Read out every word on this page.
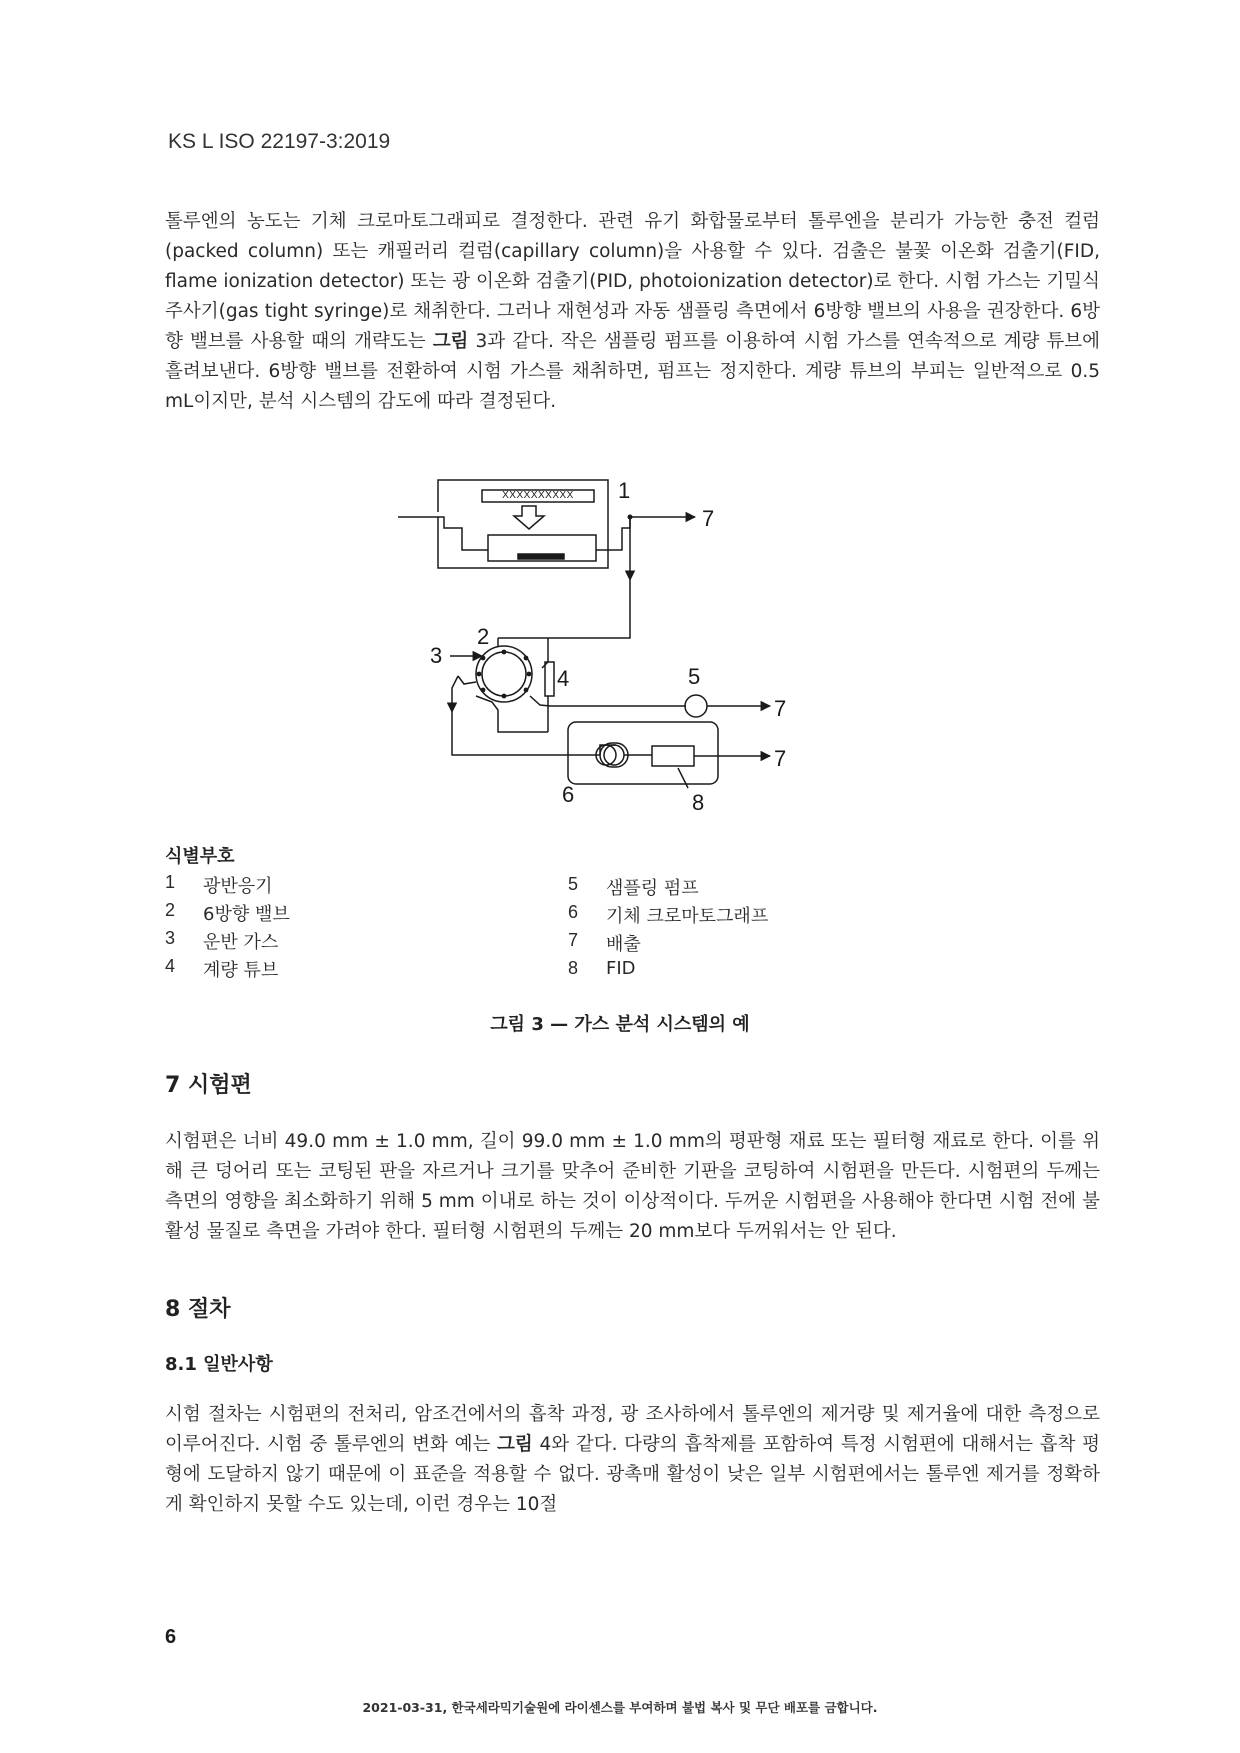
KS L ISO 22197-3:2019

톨루엔의 농도는 기체 크로마토그래피로 결정한다. 관련 유기 화합물로부터 톨루엔을 분리가 가능한 충전 컬럼(packed column) 또는 캐필러리 컬럼(capillary column)을 사용할 수 있다. 검출은 불꽃 이온화 검출기(FID, flame ionization detector) 또는 광 이온화 검출기(PID, photoionization detector)로 한다. 시험 가스는 기밀식 주사기(gas tight syringe)로 채취한다. 그러나 재현성과 자동 샘플링 측면에서 6방향 밸브의 사용을 권장한다. 6방향 밸브를 사용할 때의 개략도는 그림 3과 같다. 작은 샘플링 펌프를 이용하여 시험 가스를 연속적으로 계량 튜브에 흘려보낸다. 6방향 밸브를 전환하여 시험 가스를 채취하면, 펌프는 정지한다. 계량 튜브의 부피는 일반적으로 0.5 mL이지만, 분석 시스템의 감도에 따라 결정된다.

XXXXXXXXXX 1
7
2
3
4	5
7
7
6	8
식별부호
1	광반응기
2	6방향 밸브
3	운반 가스
4	계량 튜브
5	샘플링 펌프
6	기체 크로마토그래프
7	배출
8	FID
그림 3 — 가스 분석 시스템의 예
7 시험편

시험편은 너비 49.0 mm ± 1.0 mm, 길이 99.0 mm ± 1.0 mm의 평판형 재료 또는 필터형 재료로 한다. 이를 위해 큰 덩어리 또는 코팅된 판을 자르거나 크기를 맞추어 준비한 기판을 코팅하여 시험편을 만든다. 시험편의 두께는 측면의 영향을 최소화하기 위해 5 mm 이내로 하는 것이 이상적이다. 두꺼운 시험편을 사용해야 한다면 시험 전에 불활성 물질로 측면을 가려야 한다. 필터형 시험편의 두께는 20 mm보다 두꺼워서는 안 된다.

8 절차
8.1 일반사항

시험 절차는 시험편의 전처리, 암조건에서의 흡착 과정, 광 조사하에서 톨루엔의 제거량 및 제거율에 대한 측정으로 이루어진다. 시험 중 톨루엔의 변화 예는 그림 4와 같다. 다량의 흡착제를 포함하여 특정 시험편에 대해서는 흡착 평형에 도달하지 않기 때문에 이 표준을 적용할 수 없다. 광촉매 활성이 낮은 일부 시험편에서는 톨루엔 제거를 정확하게 확인하지 못할 수도 있는데, 이런 경우는 10절

6
2021-03-31, 한국세라믹기술원에 라이센스를 부여하며 불법 복사 및 무단 배포를 금합니다.
